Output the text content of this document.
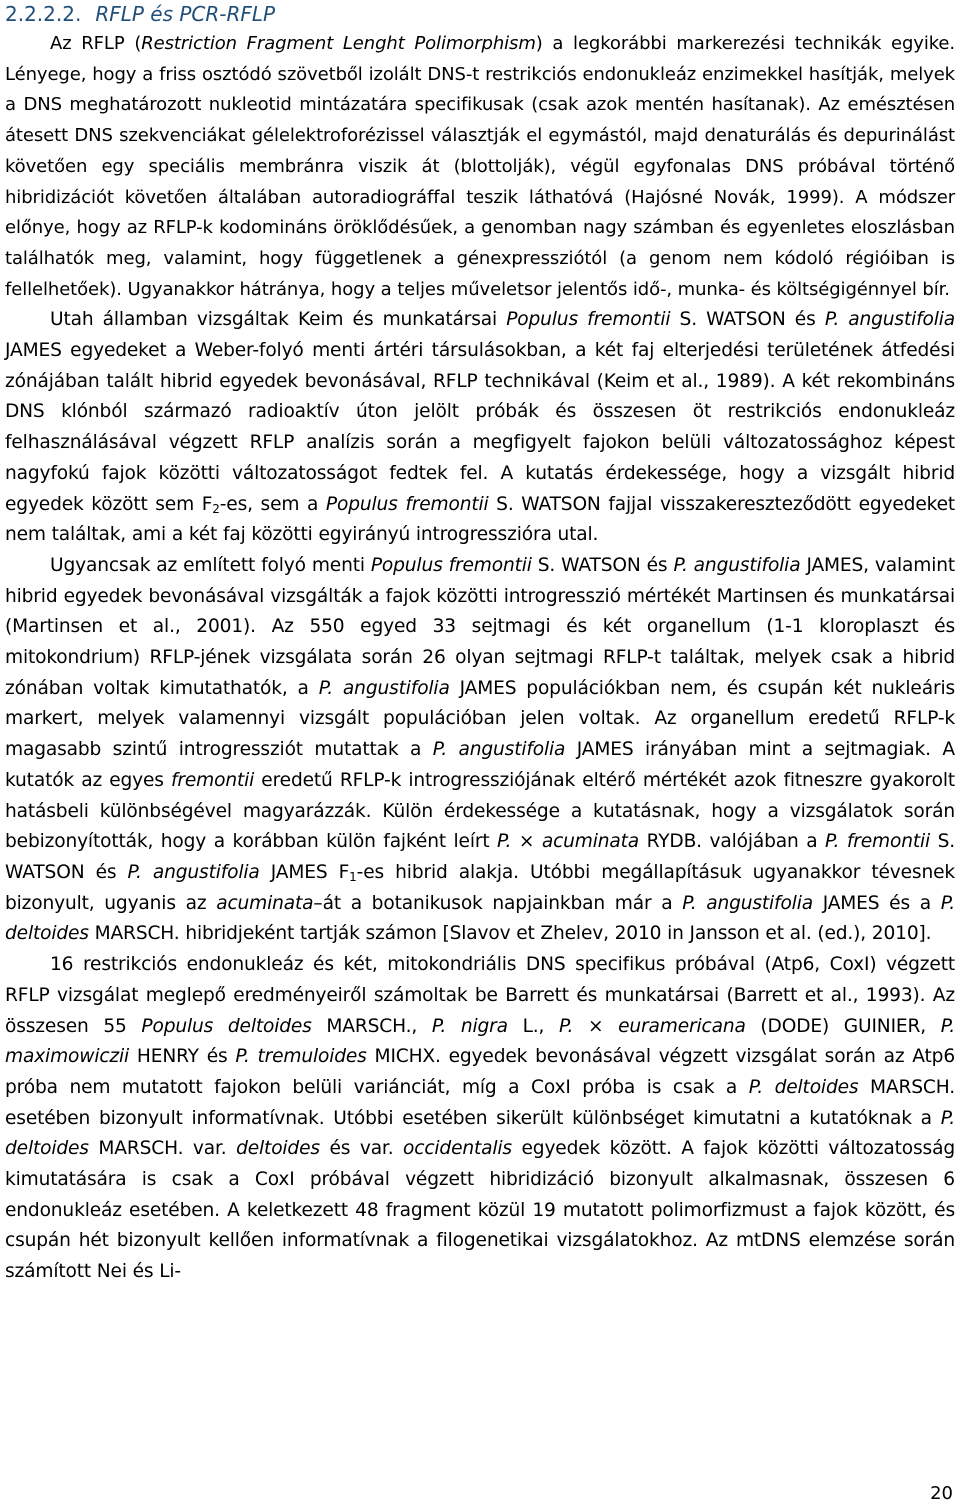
2.2.2.2. RFLP és PCR-RFLP

Az RFLP (Restriction Fragment Lenght Polimorphism) a legkorábbi markerezési technikák egyike. Lényege, hogy a friss osztódó szövetből izolált DNS-t restrikciós endonukleáz enzimekkel hasítják, melyek a DNS meghatározott nukleotid mintázatára specifikusak (csak azok mentén hasítanak). Az emésztésen átesett DNS szekvenciákat gélelektroforézissel választják el egymástól, majd denaturálás és depurinálást követően egy speciális membránra viszik át (blottolják), végül egyfonalas DNS próbával történő hibridizációt követően általában autoradiográffal teszik láthatóvá (Hajósné Novák, 1999). A módszer előnye, hogy az RFLP-k kodomináns öröklődésűek, a genomban nagy számban és egyenletes eloszlásban találhatók meg, valamint, hogy függetlenek a génexpressziótól (a genom nem kódoló régióiban is fellelhetőek). Ugyanakkor hátránya, hogy a teljes műveletsor jelentős idő-, munka- és költségigénnyel bír.

Utah államban vizsgáltak Keim és munkatársai Populus fremontii S. WATSON és P. angustifolia JAMES egyedeket a Weber-folyó menti ártéri társulásokban, a két faj elterjedési területének átfedési zónájában talált hibrid egyedek bevonásával, RFLP technikával (Keim et al., 1989). A két rekombináns DNS klónból származó radioaktív úton jelölt próbák és összesen öt restrikciós endonukleáz felhasználásával végzett RFLP analízis során a megfigyelt fajokon belüli változatossághoz képest nagyfokú fajok közötti változatosságot fedtek fel. A kutatás érdekessége, hogy a vizsgált hibrid egyedek között sem $F_2-es$, sem a Populus fremontii S. WATSON fajjal visszakereszteződött egyedeket nem találtak, ami a két faj közötti egyirányú introgresszióra utal.

Ugyancsak az említett folyó menti Populus fremontii S. WATSON és P. angustifolia JAMES, valamint hibrid egyedek bevonásával vizsgálták a fajok közötti introgresszió mértékét Martinsen és munkatársai (Martinsen et al., 2001). Az 550 egyed 33 sejtmagi és két organellum (1-1 kloroplaszt és mitokondrium) RFLP-jének vizsgálata során 26 olyan sejtmagi RFLP-t találtak, melyek csak a hibrid zónában voltak kimutathatók, a P. angustifolia JAMES populációkban nem, és csupán két nukleáris markert, melyek valamennyi vizsgált populációban jelen voltak. Az organellum eredetű RFLP-k magasabb szintű introgressziót mutattak a P. angustifolia JAMES irányában mint a sejtmagiak. A kutatók az egyes fremontii eredetű RFLP-k introgressziójának eltérő mértékét azok fitneszre gyakorolt hatásbeli különbségével magyarázzák. Külön érdekessége a kutatásnak, hogy a vizsgálatok során bebizonyították, hogy a korábban külön fajként leírt P. × acuminata RYDB. valójában a P. fremontii S. WATSON és P. angustifolia JAMES $F_1-es$ hibrid alakja. Utóbbi megállapításuk ugyanakkor tévesnek bizonyult, ugyanis az acuminata–át a botanikusok napjainkban már a P. angustifolia JAMES és a P. deltoides MARSCH. hibridjeként tartják számon [Slavov et Zhelev, 2010 in Jansson et al. (ed.), 2010].

16 restrikciós endonukleáz és két, mitokondriális DNS specifikus próbával (Atp6, CoxI) végzett RFLP vizsgálat meglepő eredményeiről számoltak be Barrett és munkatársai (Barrett et al., 1993). Az összesen 55 Populus deltoides MARSCH., P. nigra L., P. × euramericana (DODE) GUINIER, P. maximowiczii HENRY és P. tremuloides MICHX. egyedek bevonásával végzett vizsgálat során az Atp6 próba nem mutatott fajokon belüli variánciát, míg a CoxI próba is csak a P. deltoides MARSCH. esetében bizonyult informatívnak. Utóbbi esetében sikerült különbséget kimutatni a kutatóknak a P. deltoides MARSCH. var. deltoides és var. occidentalis egyedek között. A fajok közötti változatosság kimutatására is csak a CoxI próbával végzett hibridizáció bizonyult alkalmasnak, összesen 6 endonukleáz esetében. A keletkezett 48 fragment közül 19 mutatott polimorfizmust a fajok között, és csupán hét bizonyult kellően informatívnak a filogenetikai vizsgálatokhoz. Az mtDNS elemzése során számított Nei és Li-

20
